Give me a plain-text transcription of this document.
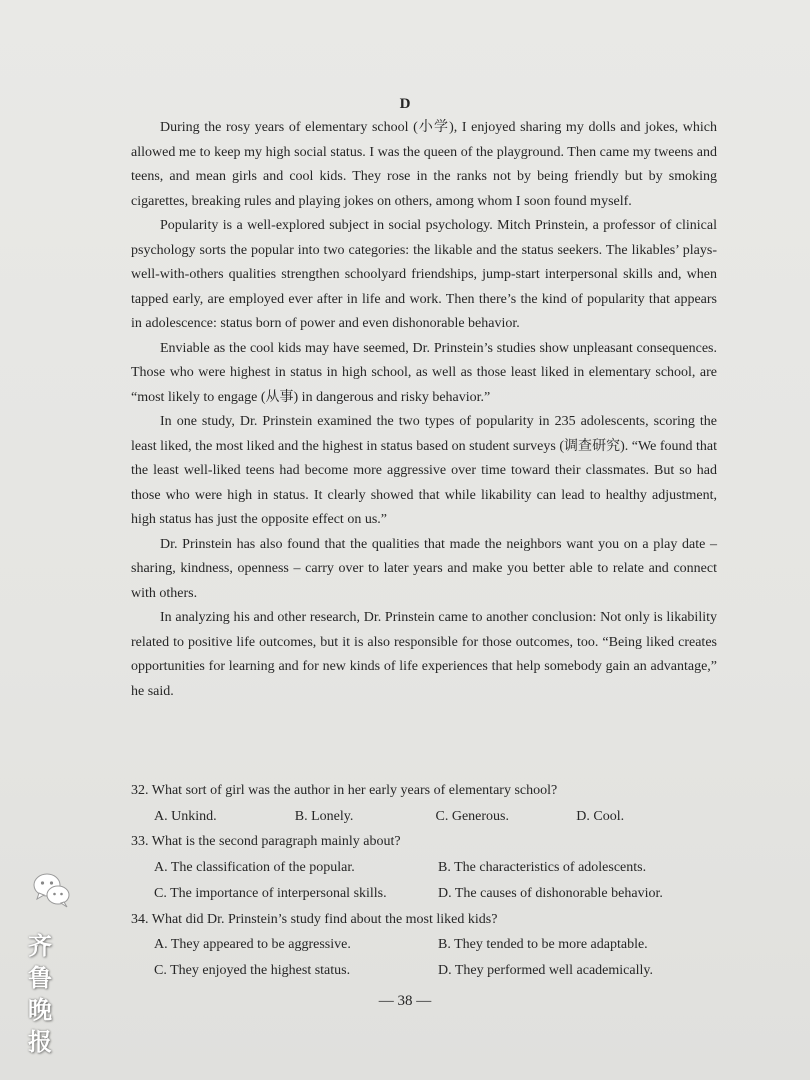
D

During the rosy years of elementary school (小学), I enjoyed sharing my dolls and jokes, which allowed me to keep my high social status. I was the queen of the playground. Then came my tweens and teens, and mean girls and cool kids. They rose in the ranks not by being friendly but by smoking cigarettes, breaking rules and playing jokes on others, among whom I soon found myself.

Popularity is a well-explored subject in social psychology. Mitch Prinstein, a professor of clinical psychology sorts the popular into two categories: the likable and the status seekers. The likables’ plays-well-with-others qualities strengthen schoolyard friendships, jump-start interpersonal skills and, when tapped early, are employed ever after in life and work. Then there’s the kind of popularity that appears in adolescence: status born of power and even dishonorable behavior.

Enviable as the cool kids may have seemed, Dr. Prinstein’s studies show unpleasant consequences. Those who were highest in status in high school, as well as those least liked in elementary school, are “most likely to engage (从事) in dangerous and risky behavior.”

In one study, Dr. Prinstein examined the two types of popularity in 235 adolescents, scoring the least liked, the most liked and the highest in status based on student surveys (调查研究). “We found that the least well-liked teens had become more aggressive over time toward their classmates. But so had those who were high in status. It clearly showed that while likability can lead to healthy adjustment, high status has just the opposite effect on us.”

Dr. Prinstein has also found that the qualities that made the neighbors want you on a play date – sharing, kindness, openness – carry over to later years and make you better able to relate and connect with others.

In analyzing his and other research, Dr. Prinstein came to another conclusion: Not only is likability related to positive life outcomes, but it is also responsible for those outcomes, too. “Being liked creates opportunities for learning and for new kinds of life experiences that help somebody gain an advantage,” he said.

32. What sort of girl was the author in her early years of elementary school?
A. Unkind.	B. Lonely.	C. Generous.	D. Cool.
33. What is the second paragraph mainly about?
A. The classification of the popular.	B. The characteristics of adolescents.
C. The importance of interpersonal skills.	D. The causes of dishonorable behavior.
34. What did Dr. Prinstein’s study find about the most liked kids?
A. They appeared to be aggressive.	B. They tended to be more adaptable.
C. They enjoyed the highest status.	D. They performed well academically.
— 38 —
齐鲁晚报
